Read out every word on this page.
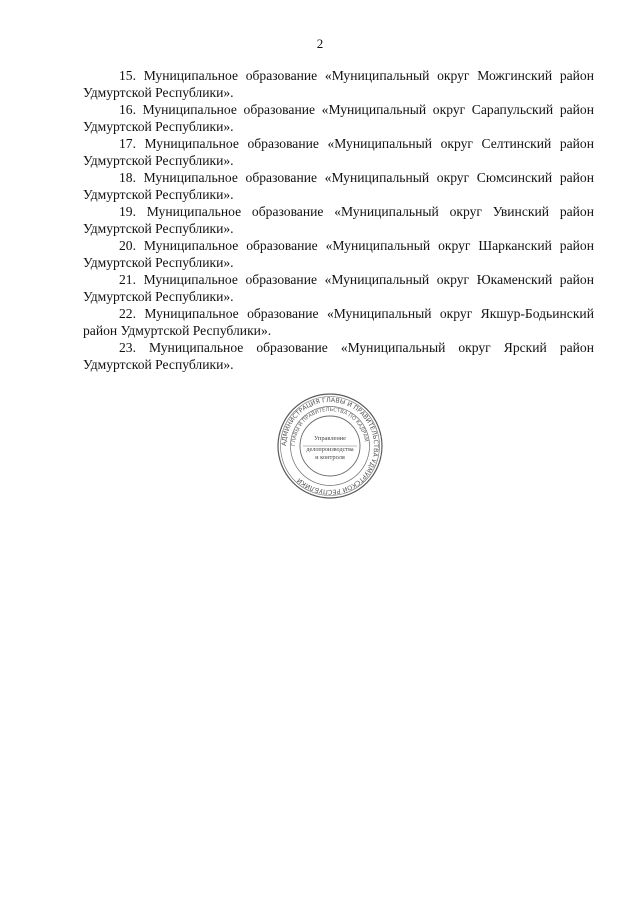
2

15. Муниципальное образование «Муниципальный округ Можгинский район Удмуртской Республики».

16. Муниципальное образование «Муниципальный округ Сарапульский район Удмуртской Республики».

17. Муниципальное образование «Муниципальный округ Селтинский район Удмуртской Республики».

18. Муниципальное образование «Муниципальный округ Сюмсинский район Удмуртской Республики».

19. Муниципальное образование «Муниципальный округ Увинский район Удмуртской Республики».

20. Муниципальное образование «Муниципальный округ Шарканский район Удмуртской Республики».

21. Муниципальное образование «Муниципальный округ Юкаменский район Удмуртской Республики».

22. Муниципальное образование «Муниципальный округ Якшур-Бодьинский район Удмуртской Республики».

23. Муниципальное образование «Муниципальный округ Ярский район Удмуртской Республики».

АДМИНИСТРАЦИЯ ГЛАВЫ И ПРАВИТЕЛЬСТВА УДМУРТСКОЙ РЕСПУБЛИКИ
ГЛАВЫ И ПРАВИТЕЛЬСТВА ПО КАДРАМ
Управление
делопроизводства
и контроля
